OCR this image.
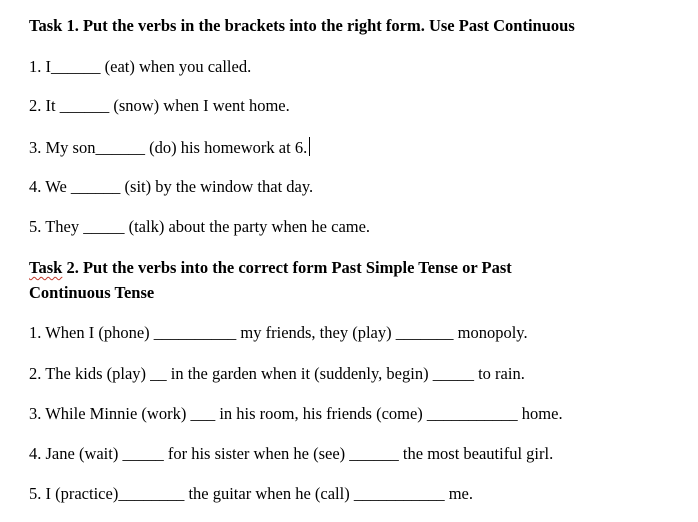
Task 1. Put the verbs in the brackets into the right form. Use Past Continuous
1. I______ (eat) when you called.
2. It ______ (snow) when I went home.
3. My son______ (do) his homework at 6.
4. We ______ (sit) by the window that day.
5. They _____ (talk) about the party when he came.
Task 2. Put the verbs into the correct form Past Simple Tense or Past
Continuous Tense
1. When I (phone) __________ my friends, they (play) _______ monopoly.
2. The kids (play) __ in the garden when it (suddenly, begin) _____ to rain.
3. While Minnie (work) ___ in his room, his friends (come) ___________ home.
4. Jane (wait) _____ for his sister when he (see) ______ the most beautiful girl.
5. I (practice)________ the guitar when he (call) ___________ me.
